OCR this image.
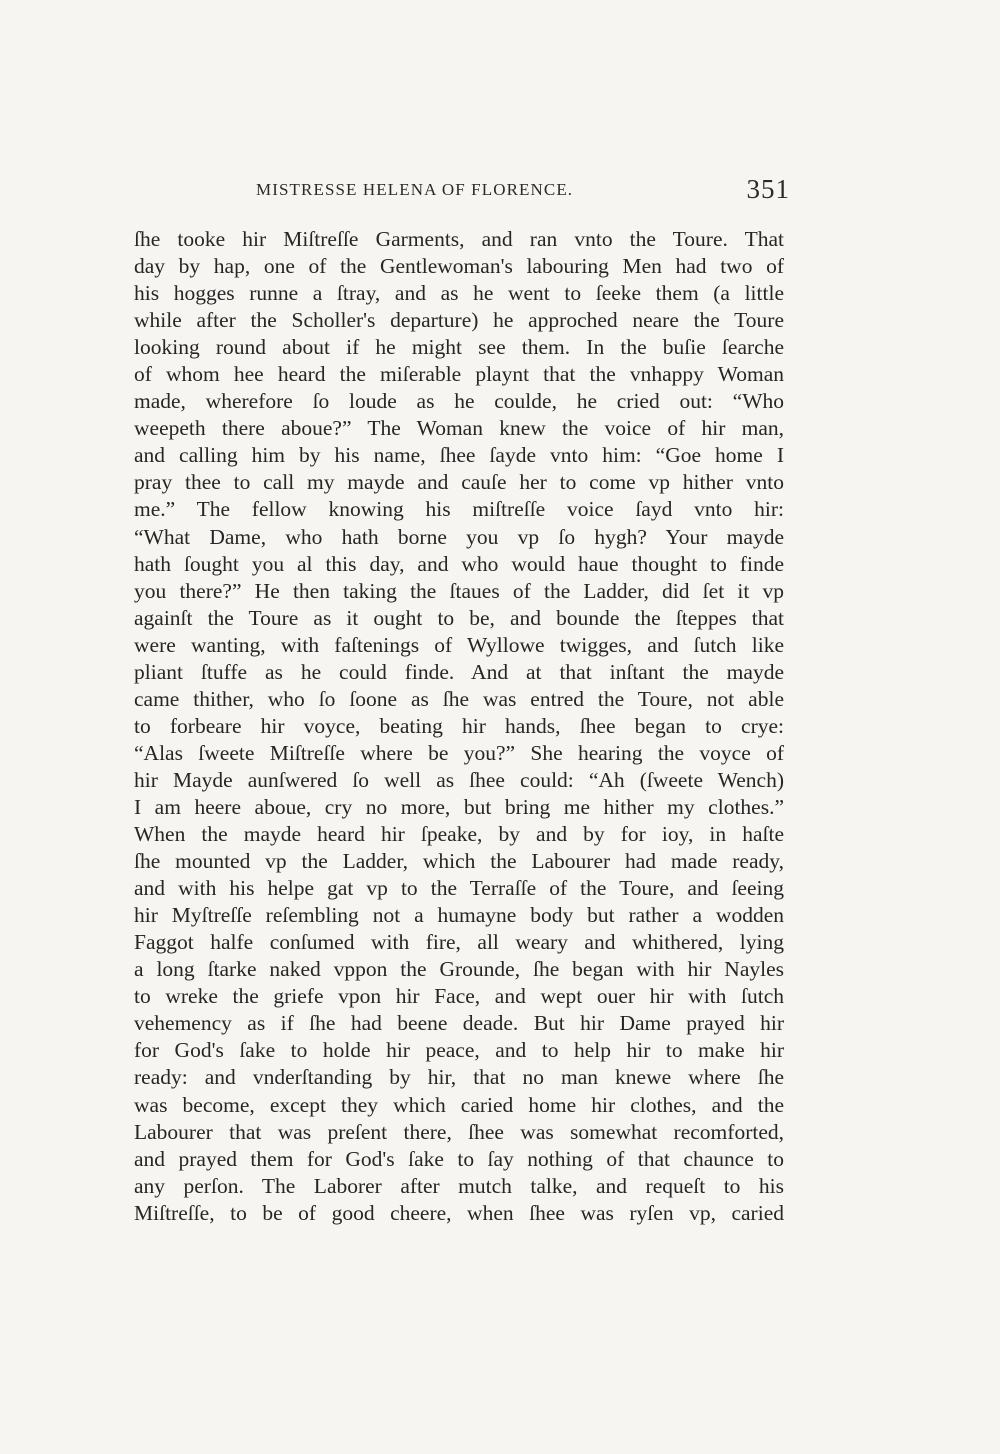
MISTRESSE HELENA OF FLORENCE.	351
ſhe tooke hir Miſtreſſe Garments, and ran vnto the Toure. That
day by hap, one of the Gentlewoman's labouring Men had two of
his hogges runne a ſtray, and as he went to ſeeke them (a little
while after the Scholler's departure) he approched neare the Toure
looking round about if he might see them. In the buſie ſearche
of whom hee heard the miſerable playnt that the vnhappy Woman
made, wherefore ſo loude as he coulde, he cried out: “Who
weepeth there aboue?” The Woman knew the voice of hir man,
and calling him by his name, ſhee ſayde vnto him: “Goe home I
pray thee to call my mayde and cauſe her to come vp hither vnto
me.” The fellow knowing his miſtreſſe voice ſayd vnto hir:
“What Dame, who hath borne you vp ſo hygh? Your mayde
hath ſought you al this day, and who would haue thought to finde
you there?” He then taking the ſtaues of the Ladder, did ſet it vp
againſt the Toure as it ought to be, and bounde the ſteppes that
were wanting, with faſtenings of Wyllowe twigges, and ſutch like
pliant ſtuffe as he could finde. And at that inſtant the mayde
came thither, who ſo ſoone as ſhe was entred the Toure, not able
to forbeare hir voyce, beating hir hands, ſhee began to crye:
“Alas ſweete Miſtreſſe where be you?” She hearing the voyce of
hir Mayde aunſwered ſo well as ſhee could: “Ah (ſweete Wench)
I am heere aboue, cry no more, but bring me hither my clothes.”
When the mayde heard hir ſpeake, by and by for ioy, in haſte
ſhe mounted vp the Ladder, which the Labourer had made ready,
and with his helpe gat vp to the Terraſſe of the Toure, and ſeeing
hir Myſtreſſe reſembling not a humayne body but rather a wodden
Faggot halfe conſumed with fire, all weary and whithered, lying
a long ſtarke naked vppon the Grounde, ſhe began with hir Nayles
to wreke the griefe vpon hir Face, and wept ouer hir with ſutch
vehemency as if ſhe had beene deade. But hir Dame prayed hir
for God's ſake to holde hir peace, and to help hir to make hir
ready: and vnderſtanding by hir, that no man knewe where ſhe
was become, except they which caried home hir clothes, and the
Labourer that was preſent there, ſhee was somewhat recomforted,
and prayed them for God's ſake to ſay nothing of that chaunce to
any perſon. The Laborer after mutch talke, and requeſt to his
Miſtreſſe, to be of good cheere, when ſhee was ryſen vp, caried
